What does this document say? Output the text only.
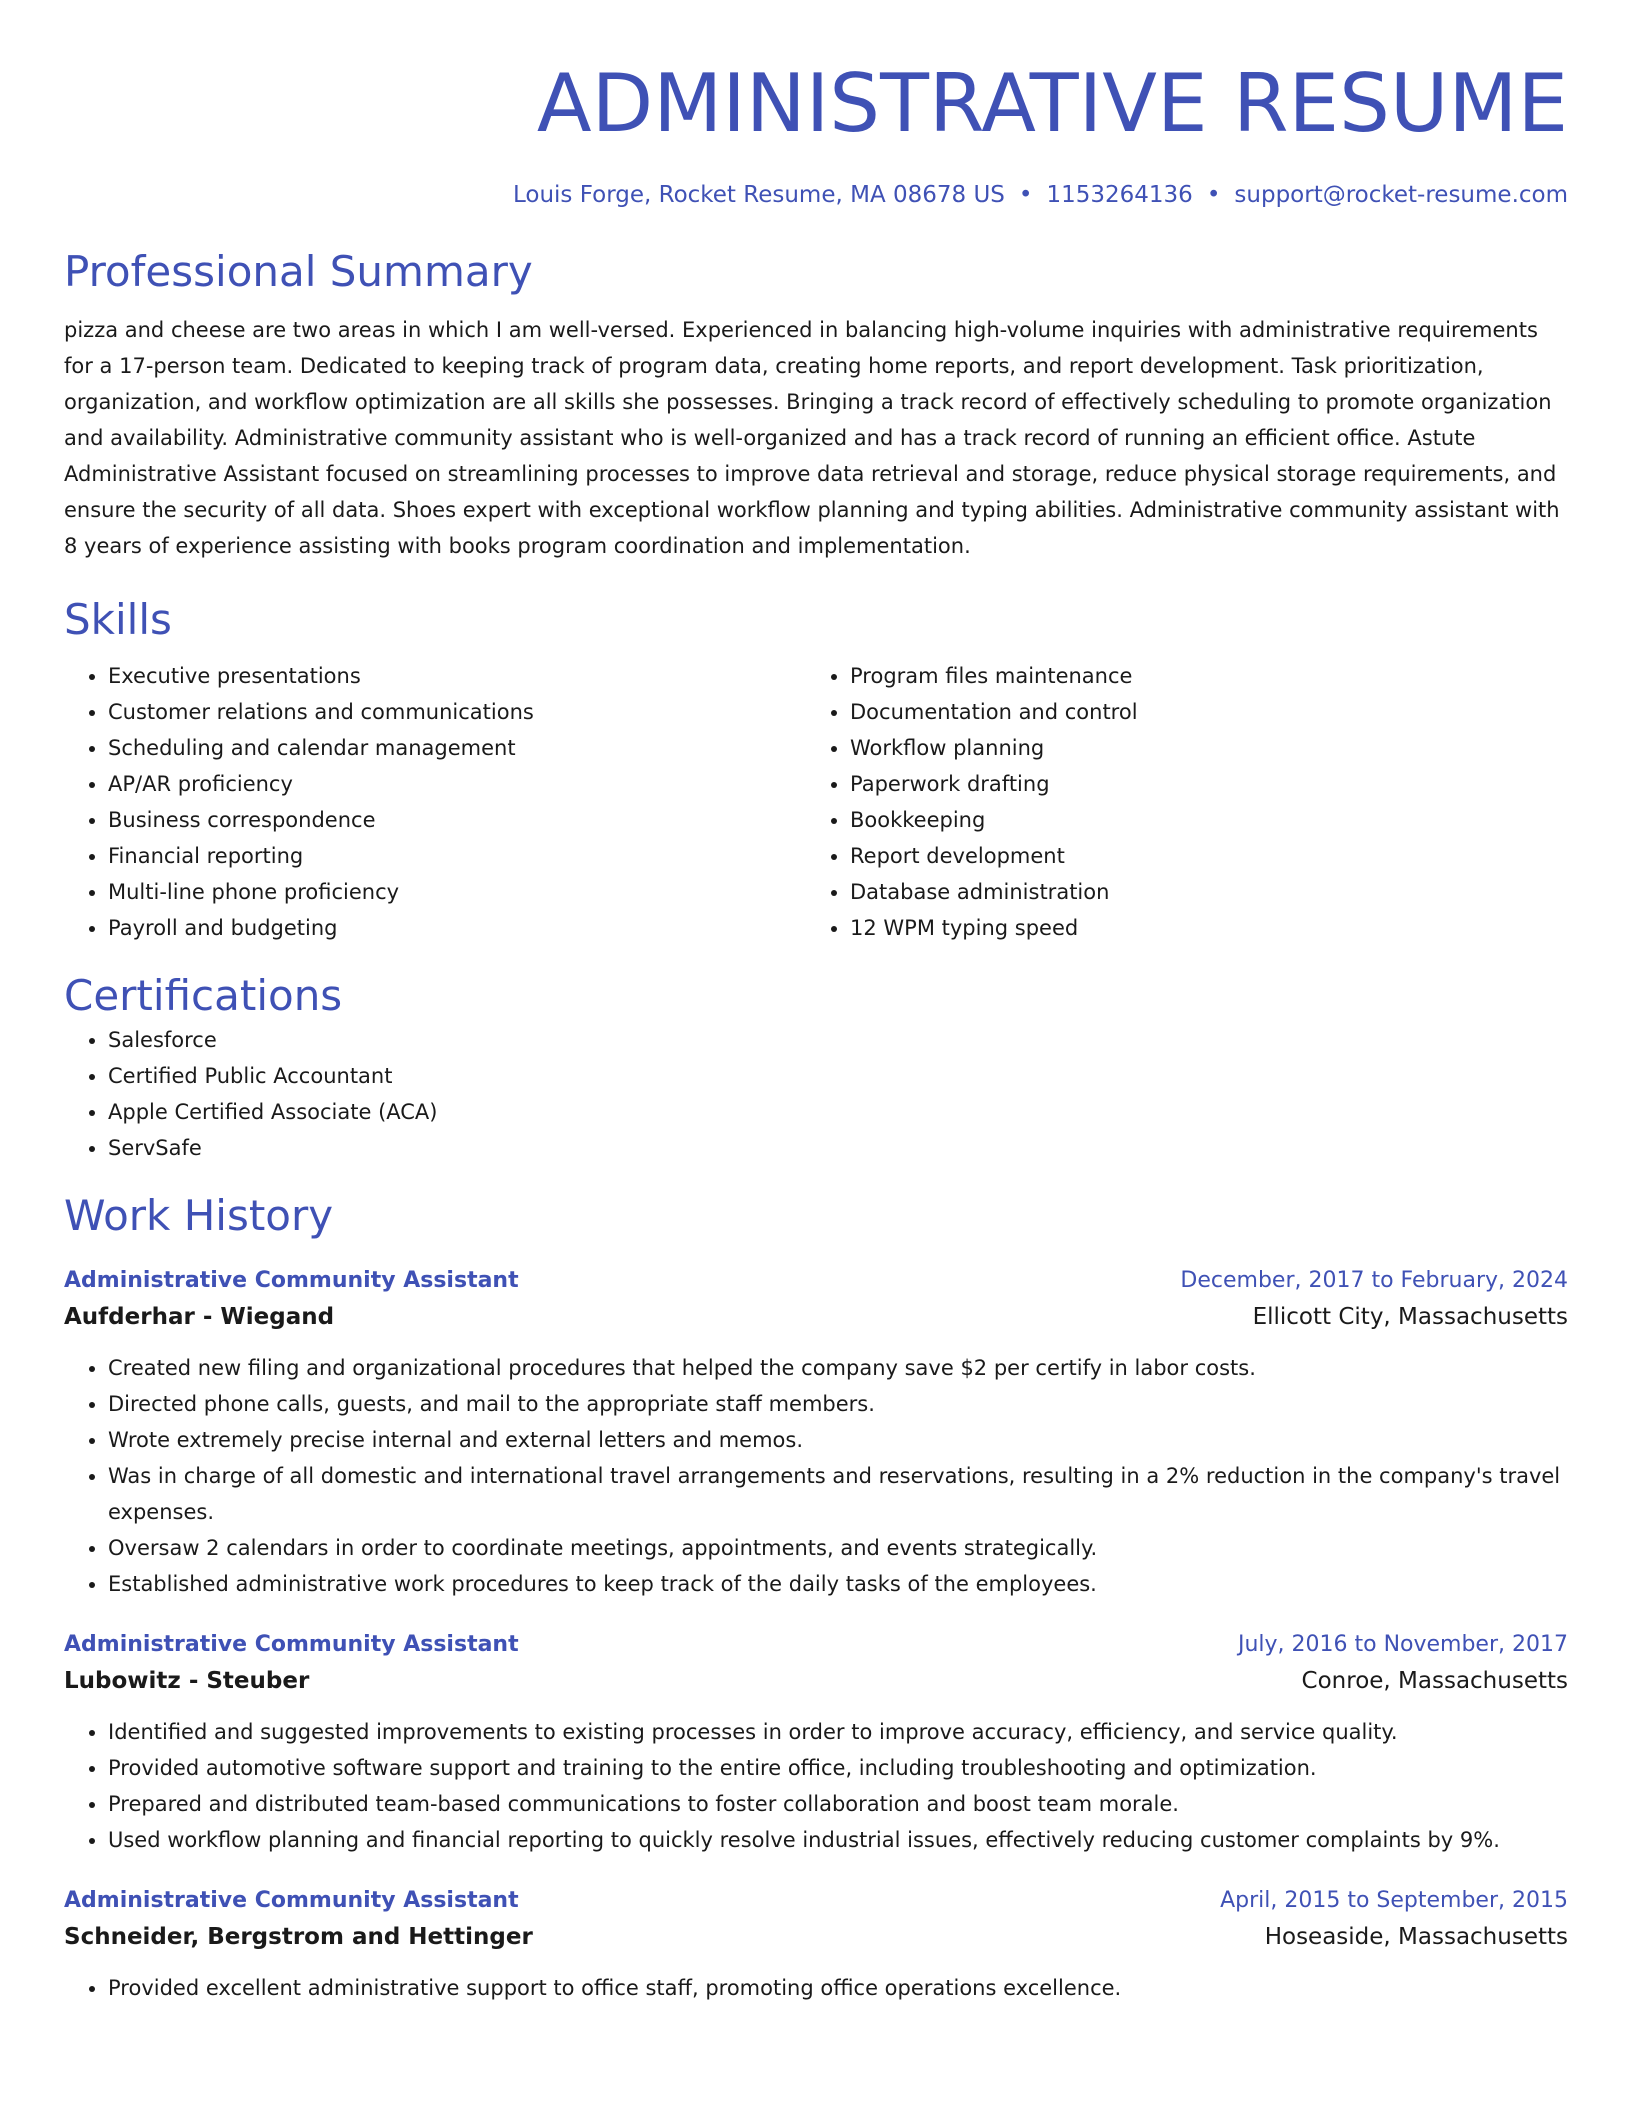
ADMINISTRATIVE RESUME
Louis Forge, Rocket Resume, MA 08678 US • 1153264136 • support@rocket-resume.com
Professional Summary
pizza and cheese are two areas in which I am well-versed. Experienced in balancing high-volume inquiries with administrative requirements for a 17-person team. Dedicated to keeping track of program data, creating home reports, and report development. Task prioritization, organization, and workflow optimization are all skills she possesses. Bringing a track record of effectively scheduling to promote organization and availability. Administrative community assistant who is well-organized and has a track record of running an efficient office. Astute Administrative Assistant focused on streamlining processes to improve data retrieval and storage, reduce physical storage requirements, and ensure the security of all data. Shoes expert with exceptional workflow planning and typing abilities. Administrative community assistant with 8 years of experience assisting with books program coordination and implementation.
Skills
• Executive presentations
• Customer relations and communications
• Scheduling and calendar management
• AP/AR proficiency
• Business correspondence
• Financial reporting
• Multi-line phone proficiency
• Payroll and budgeting
• Program files maintenance
• Documentation and control
• Workflow planning
• Paperwork drafting
• Bookkeeping
• Report development
• Database administration
• 12 WPM typing speed
Certifications
• Salesforce
• Certified Public Accountant
• Apple Certified Associate (ACA)
• ServSafe
Work History
Administrative Community Assistant	December, 2017 to February, 2024
Aufderhar - Wiegand	Ellicott City, Massachusetts
• Created new filing and organizational procedures that helped the company save $2 per certify in labor costs.
• Directed phone calls, guests, and mail to the appropriate staff members.
• Wrote extremely precise internal and external letters and memos.
• Was in charge of all domestic and international travel arrangements and reservations, resulting in a 2% reduction in the company's travel expenses.
• Oversaw 2 calendars in order to coordinate meetings, appointments, and events strategically.
• Established administrative work procedures to keep track of the daily tasks of the employees.
Administrative Community Assistant	July, 2016 to November, 2017
Lubowitz - Steuber	Conroe, Massachusetts
• Identified and suggested improvements to existing processes in order to improve accuracy, efficiency, and service quality.
• Provided automotive software support and training to the entire office, including troubleshooting and optimization.
• Prepared and distributed team-based communications to foster collaboration and boost team morale.
• Used workflow planning and financial reporting to quickly resolve industrial issues, effectively reducing customer complaints by 9%.
Administrative Community Assistant	April, 2015 to September, 2015
Schneider, Bergstrom and Hettinger	Hoseaside, Massachusetts
• Provided excellent administrative support to office staff, promoting office operations excellence.
